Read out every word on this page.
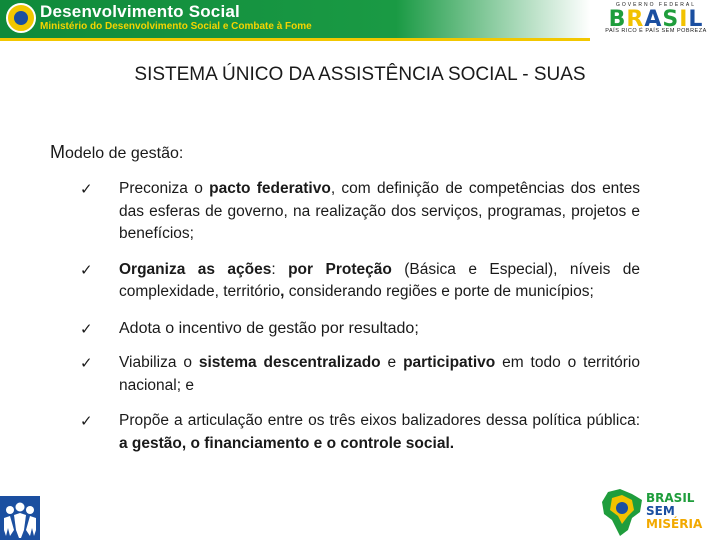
Desenvolvimento Social
Ministério do Desenvolvimento Social e Combate à Fome
GOVERNO FEDERAL
BRASIL
PAÍS RICO É PAÍS SEM POBREZA
SISTEMA ÚNICO DA ASSISTÊNCIA SOCIAL - SUAS
Modelo de gestão:
✓ Preconiza o pacto federativo, com definição de competências dos entes das esferas de governo, na realização dos serviços, programas, projetos e benefícios;
✓ Organiza as ações: por Proteção (Básica e Especial), níveis de complexidade, território, considerando regiões e porte de municípios;
✓ Adota o incentivo de gestão por resultado;
✓ Viabiliza o sistema descentralizado e participativo em todo o território nacional; e
✓ Propõe a articulação entre os três eixos balizadores dessa política pública: a gestão, o financiamento e o controle social.
BRASIL
SEM
MISÉRIA
